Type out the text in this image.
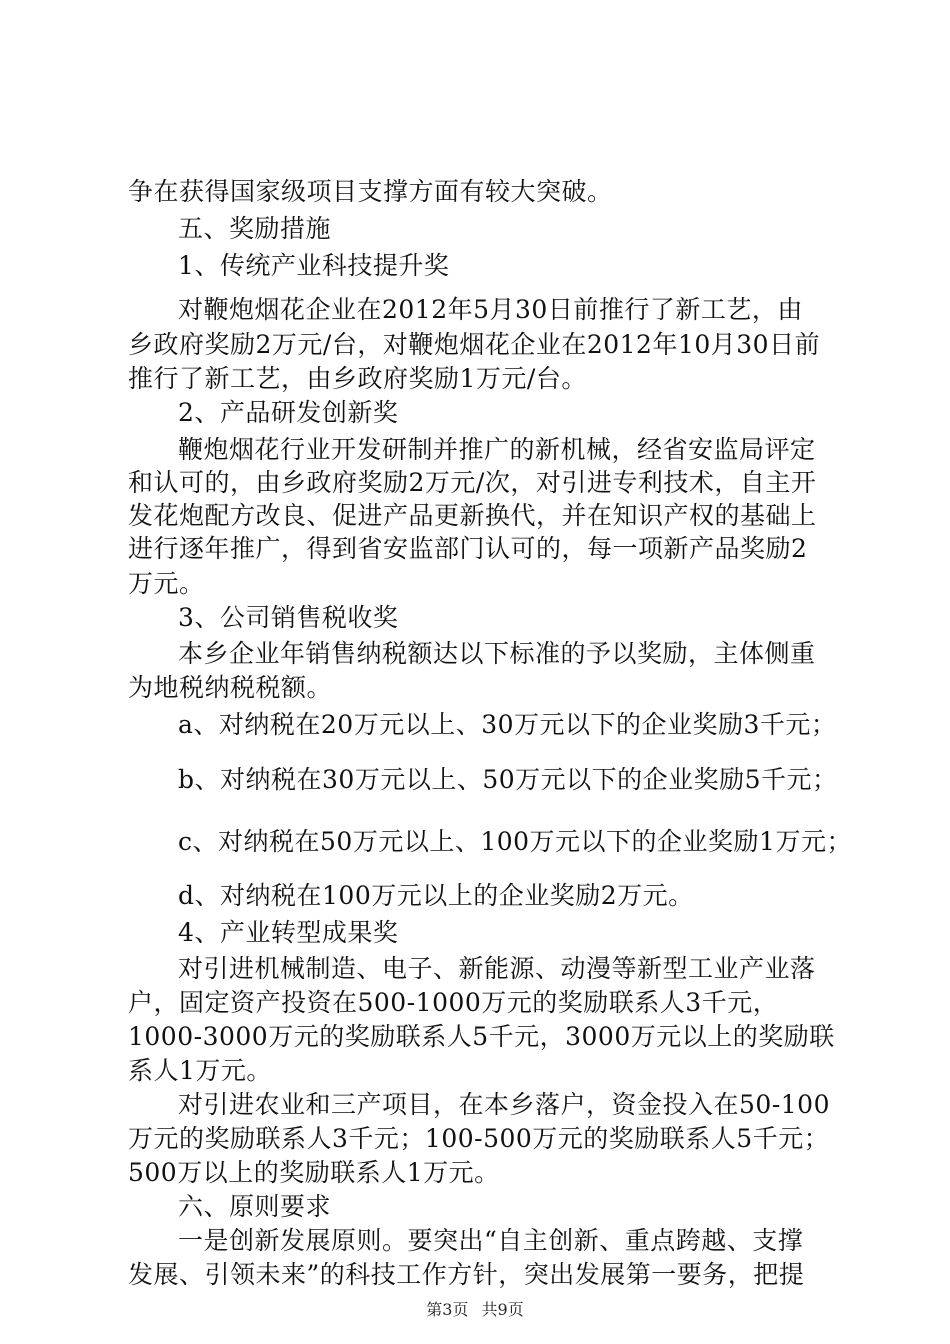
争在获得国家级项目支撑方面有较大突破。
五、奖励措施
1、传统产业科技提升奖
对鞭炮烟花企业在2012年5月30日前推行了新工艺，由
乡政府奖励2万元/台，对鞭炮烟花企业在2012年10月30日前
推行了新工艺，由乡政府奖励1万元/台。
2、产品研发创新奖
鞭炮烟花行业开发研制并推广的新机械，经省安监局评定
和认可的，由乡政府奖励2万元/次，对引进专利技术，自主开
发花炮配方改良、促进产品更新换代，并在知识产权的基础上
进行逐年推广，得到省安监部门认可的，每一项新产品奖励2
万元。
3、公司销售税收奖
本乡企业年销售纳税额达以下标准的予以奖励，主体侧重
为地税纳税税额。
a、对纳税在20万元以上、30万元以下的企业奖励3千元；
b、对纳税在30万元以上、50万元以下的企业奖励5千元；
c、对纳税在50万元以上、100万元以下的企业奖励1万元；
d、对纳税在100万元以上的企业奖励2万元。
4、产业转型成果奖
对引进机械制造、电子、新能源、动漫等新型工业产业落
户，固定资产投资在500-1000万元的奖励联系人3千元，
1000-3000万元的奖励联系人5千元，3000万元以上的奖励联
系人1万元。
对引进农业和三产项目，在本乡落户，资金投入在50-100
万元的奖励联系人3千元；100-500万元的奖励联系人5千元；
500万以上的奖励联系人1万元。
六、原则要求
一是创新发展原则。要突出“自主创新、重点跨越、支撑
发展、引领未来”的科技工作方针，突出发展第一要务，把提
第3页 共9页
